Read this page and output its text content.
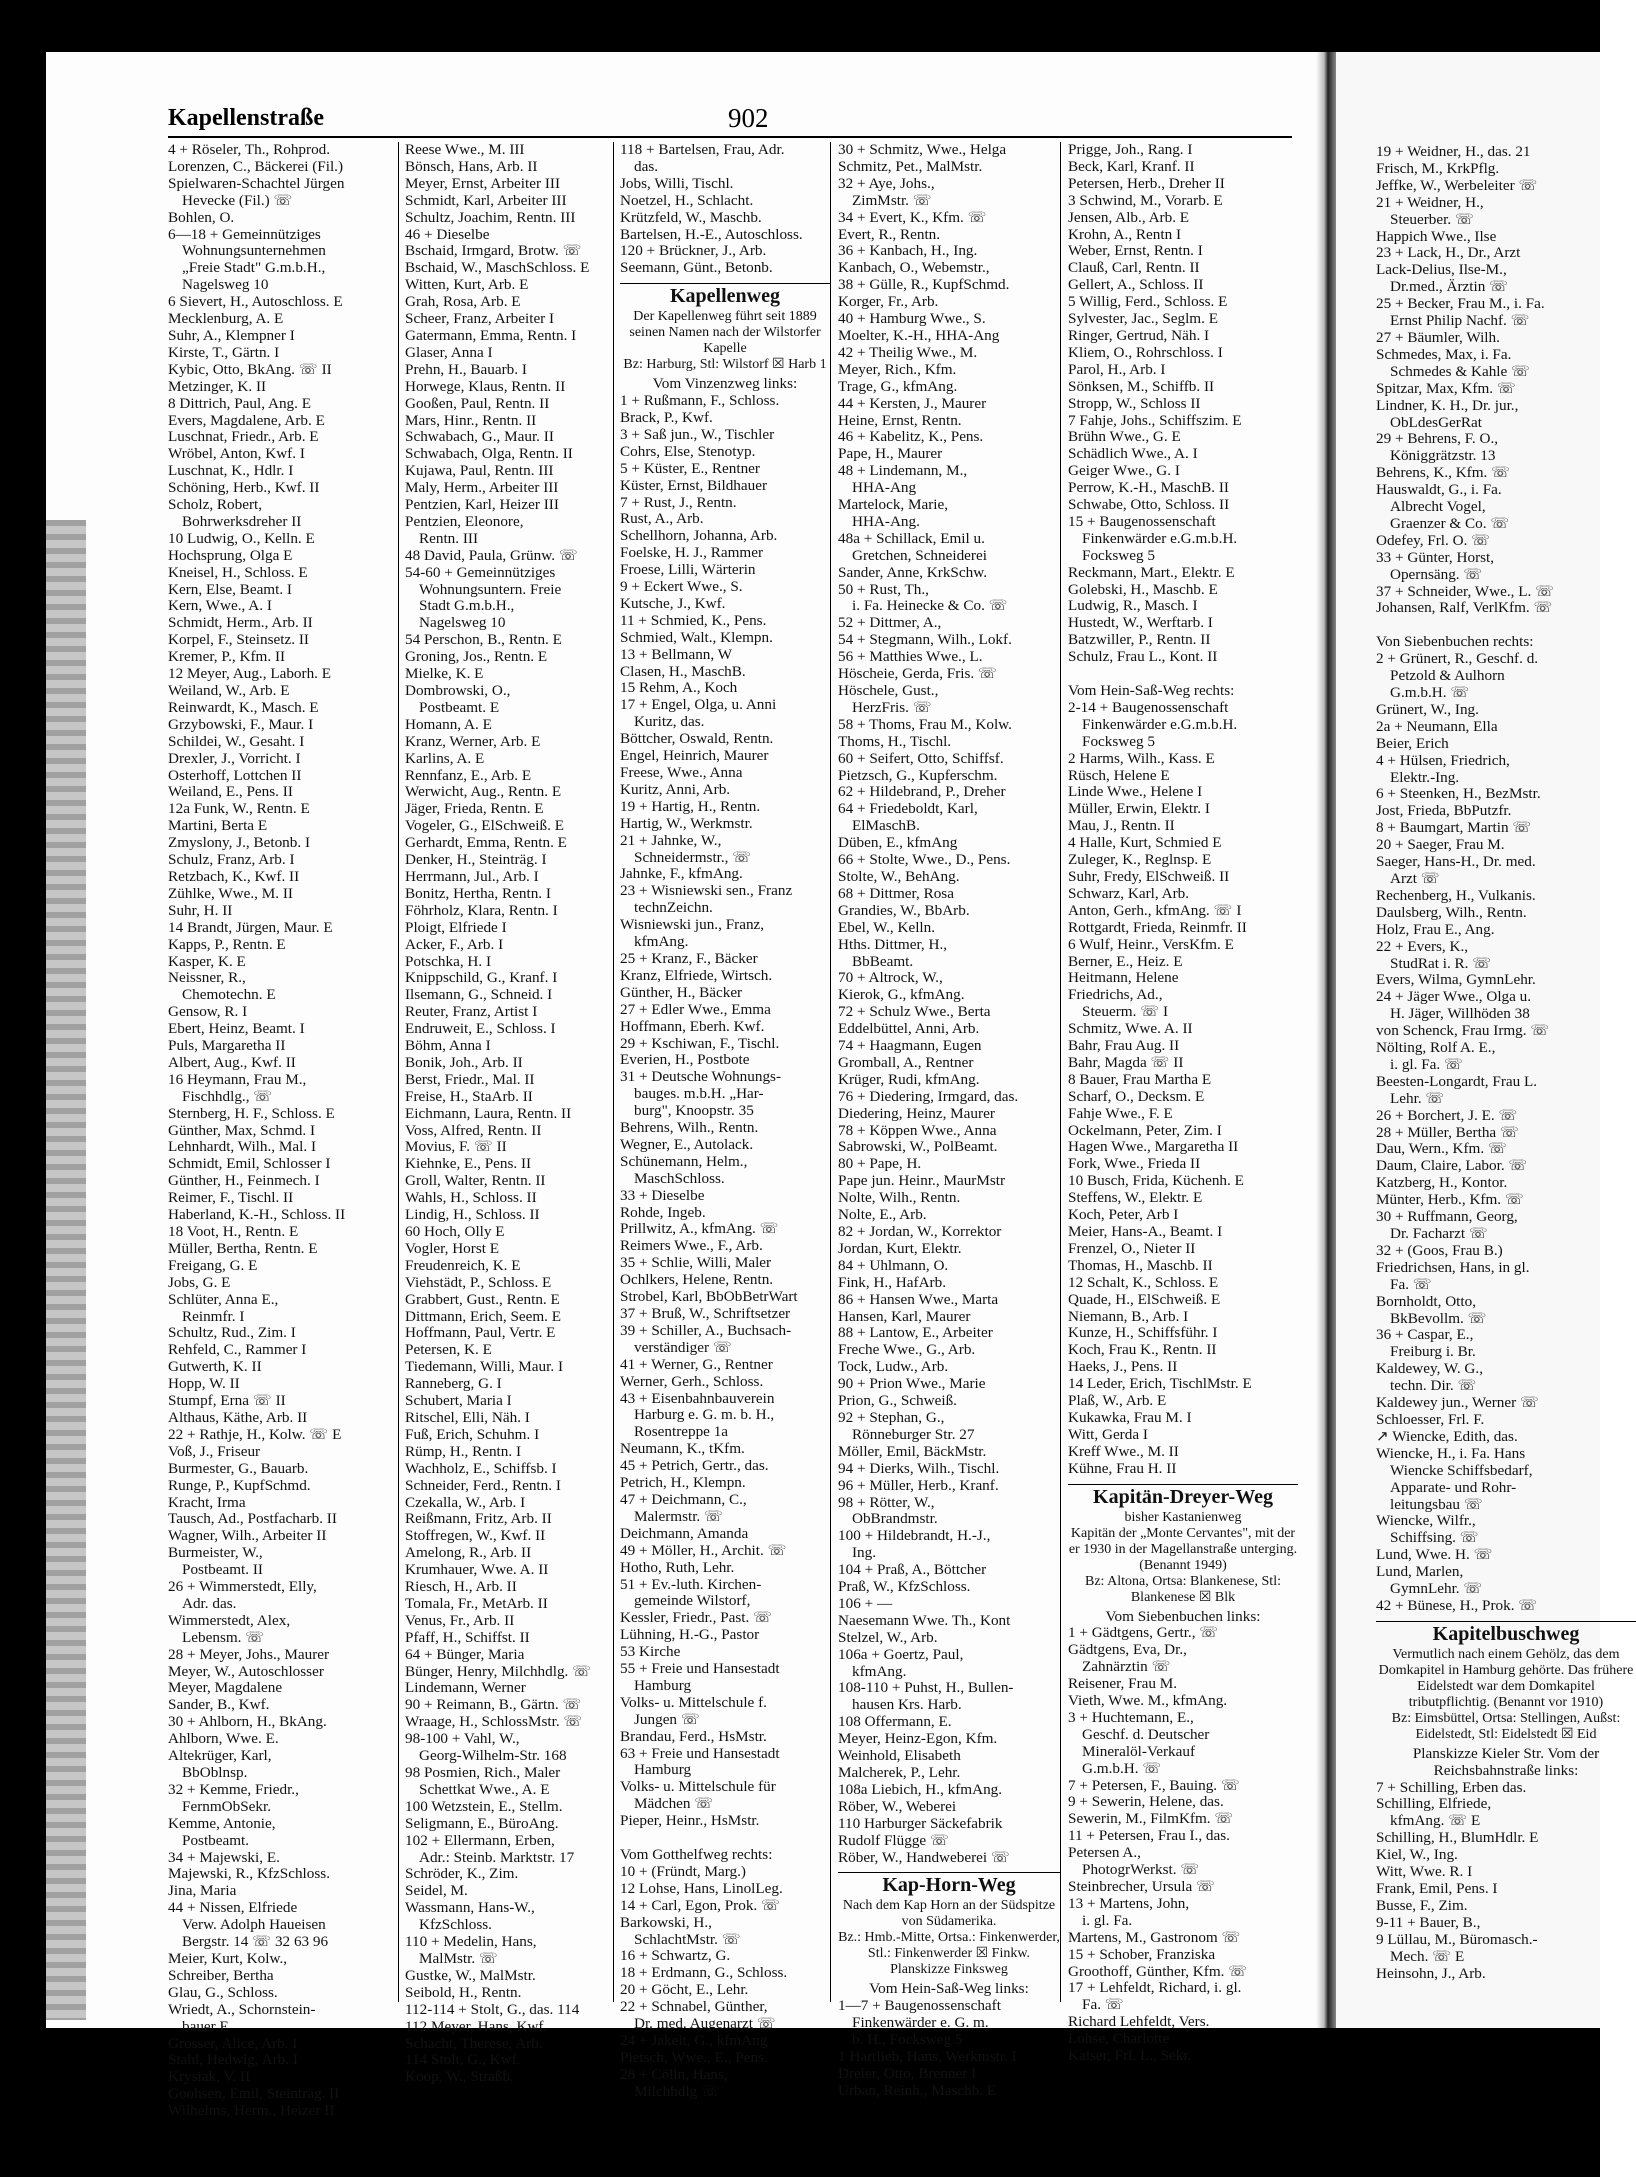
Kapellenstraße	902
4 + Röseler, Th., Rohprod.
Lorenzen, C., Bäckerei (Fil.)
Spielwaren-Schachtel Jürgen
Hevecke (Fil.) ☏
Bohlen, O.
6—18 + Gemeinnütziges
Wohnungsunternehmen
„Freie Stadt" G.m.b.H.,
Nagelsweg 10
6 Sievert, H., Autoschloss. E
Mecklenburg, A. E
Suhr, A., Klempner I
Kirste, T., Gärtn. I
Kybic, Otto, BkAng. ☏ II
Metzinger, K. II
8 Dittrich, Paul, Ang. E
Evers, Magdalene, Arb. E
Luschnat, Friedr., Arb. E
Wröbel, Anton, Kwf. I
Luschnat, K., Hdlr. I
Schöning, Herb., Kwf. II
Scholz, Robert,
Bohrwerksdreher II
10 Ludwig, O., Kelln. E
Hochsprung, Olga E
Kneisel, H., Schloss. E
Kern, Else, Beamt. I
Kern, Wwe., A. I
Schmidt, Herm., Arb. II
Korpel, F., Steinsetz. II
Kremer, P., Kfm. II
12 Meyer, Aug., Laborh. E
Weiland, W., Arb. E
Reinwardt, K., Masch. E
Grzybowski, F., Maur. I
Schildei, W., Gesaht. I
Drexler, J., Vorricht. I
Osterhoff, Lottchen II
Weiland, E., Pens. II
12a Funk, W., Rentn. E
Martini, Berta E
Zmyslony, J., Betonb. I
Schulz, Franz, Arb. I
Retzbach, K., Kwf. II
Zühlke, Wwe., M. II
Suhr, H. II
14 Brandt, Jürgen, Maur. E
Kapps, P., Rentn. E
Kasper, K. E
Neissner, R.,
Chemotechn. E
Gensow, R. I
Ebert, Heinz, Beamt. I
Puls, Margaretha II
Albert, Aug., Kwf. II
16 Heymann, Frau M.,
Fischhdlg., ☏
Sternberg, H. F., Schloss. E
Günther, Max, Schmd. I
Lehnhardt, Wilh., Mal. I
Schmidt, Emil, Schlosser I
Günther, H., Feinmech. I
Reimer, F., Tischl. II
Haberland, K.-H., Schloss. II
18 Voot, H., Rentn. E
Müller, Bertha, Rentn. E
Freigang, G. E
Jobs, G. E
Schlüter, Anna E.,
Reinmfr. I
Schultz, Rud., Zim. I
Rehfeld, C., Rammer I
Gutwerth, K. II
Hopp, W. II
Stumpf, Erna ☏ II
Althaus, Käthe, Arb. II
22 + Rathje, H., Kolw. ☏ E
Voß, J., Friseur
Burmester, G., Bauarb.
Runge, P., KupfSchmd.
Kracht, Irma
Tausch, Ad., Postfacharb. II
Wagner, Wilh., Arbeiter II
Burmeister, W.,
Postbeamt. II
26 + Wimmerstedt, Elly,
Adr. das.
Wimmerstedt, Alex,
Lebensm. ☏
28 + Meyer, Johs., Maurer
Meyer, W., Autoschlosser
Meyer, Magdalene
Sander, B., Kwf.
30 + Ahlborn, H., BkAng.
Ahlborn, Wwe. E.
Altekrüger, Karl,
BbOblnsp.
32 + Kemme, Friedr.,
FernmObSekr.
Kemme, Antonie,
Postbeamt.
34 + Majewski, E.
Majewski, R., KfzSchloss.
Jina, Maria
44 + Nissen, Elfriede
Verw. Adolph Haueisen
Bergstr. 14 ☏ 32 63 96
Meier, Kurt, Kolw.,
Schreiber, Bertha
Glau, G., Schloss.
Wriedt, A., Schornstein-
bauer E
Grosser, Alice, Arb. I
Stahl, Hedwig, Arb. I
Krysiak, V. II
Goohsen, Emil, Steinträg. II
Wilhelms, Herm., Heizer II
Reese Wwe., M. III
Bönsch, Hans, Arb. II
Meyer, Ernst, Arbeiter III
Schmidt, Karl, Arbeiter III
Schultz, Joachim, Rentn. III
46 + Dieselbe
Bschaid, Irmgard, Brotw. ☏
Bschaid, W., MaschSchloss. E
Witten, Kurt, Arb. E
Grah, Rosa, Arb. E
Scheer, Franz, Arbeiter I
Gatermann, Emma, Rentn. I
Glaser, Anna I
Prehn, H., Bauarb. I
Horwege, Klaus, Rentn. II
Gooßen, Paul, Rentn. II
Mars, Hinr., Rentn. II
Schwabach, G., Maur. II
Schwabach, Olga, Rentn. II
Kujawa, Paul, Rentn. III
Maly, Herm., Arbeiter III
Pentzien, Karl, Heizer III
Pentzien, Eleonore,
Rentn. III
48 David, Paula, Grünw. ☏
54-60 + Gemeinnütziges
Wohnungsuntern. Freie
Stadt G.m.b.H.,
Nagelsweg 10
54 Perschon, B., Rentn. E
Groning, Jos., Rentn. E
Mielke, K. E
Dombrowski, O.,
Postbeamt. E
Homann, A. E
Kranz, Werner, Arb. E
Karlins, A. E
Rennfanz, E., Arb. E
Werwicht, Aug., Rentn. E
Jäger, Frieda, Rentn. E
Vogeler, G., ElSchweiß. E
Gerhardt, Emma, Rentn. E
Denker, H., Steinträg. I
Herrmann, Jul., Arb. I
Bonitz, Hertha, Rentn. I
Föhrholz, Klara, Rentn. I
Ploigt, Elfriede I
Acker, F., Arb. I
Potschka, H. I
Knippschild, G., Kranf. I
Ilsemann, G., Schneid. I
Reuter, Franz, Artist I
Endruweit, E., Schloss. I
Böhm, Anna I
Bonik, Joh., Arb. II
Berst, Friedr., Mal. II
Freise, H., StaArb. II
Eichmann, Laura, Rentn. II
Voss, Alfred, Rentn. II
Movius, F. ☏ II
Kiehnke, E., Pens. II
Groll, Walter, Rentn. II
Wahls, H., Schloss. II
Lindig, H., Schloss. II
60 Hoch, Olly E
Vogler, Horst E
Freudenreich, K. E
Viehstädt, P., Schloss. E
Grabbert, Gust., Rentn. E
Dittmann, Erich, Seem. E
Hoffmann, Paul, Vertr. E
Petersen, K. E
Tiedemann, Willi, Maur. I
Ranneberg, G. I
Schubert, Maria I
Ritschel, Elli, Näh. I
Fuß, Erich, Schuhm. I
Rümp, H., Rentn. I
Wachholz, E., Schiffsb. I
Schneider, Ferd., Rentn. I
Czekalla, W., Arb. I
Reißmann, Fritz, Arb. II
Stoffregen, W., Kwf. II
Amelong, R., Arb. II
Krumhauer, Wwe. A. II
Riesch, H., Arb. II
Tomala, Fr., MetArb. II
Venus, Fr., Arb. II
Pfaff, H., Schiffst. II
64 + Bünger, Maria
Bünger, Henry, Milchhdlg. ☏
Lindemann, Werner
90 + Reimann, B., Gärtn. ☏
Wraage, H., SchlossMstr. ☏
98-100 + Vahl, W.,
Georg-Wilhelm-Str. 168
98 Posmien, Rich., Maler
Schettkat Wwe., A. E
100 Wetzstein, E., Stellm.
Seligmann, E., BüroAng.
102 + Ellermann, Erben,
Adr.: Steinb. Marktstr. 17
Schröder, K., Zim.
Seidel, M.
Wassmann, Hans-W.,
KfzSchloss.
110 + Medelin, Hans,
MalMstr. ☏
Gustke, W., MalMstr.
Seibold, H., Rentn.
112-114 + Stolt, G., das. 114
112 Meyer, Hans, Kwf.
Schacht, Therese, Arb.
114 Stolt, G., Kwf.
Koop, W., Straßb.
118 + Bartelsen, Frau, Adr.
das.
Jobs, Willi, Tischl.
Noetzel, H., Schlacht.
Krützfeld, W., Maschb.
Bartelsen, H.-E., Autoschloss.
120 + Brückner, J., Arb.
Seemann, Günt., Betonb.
Kapellenweg
Der Kapellenweg führt seit 1889 seinen Namen nach der Wilstorfer Kapelle
Bz: Harburg, Stl: Wilstorf ☒ Harb 1
Vom Vinzenzweg links:
1 + Rußmann, F., Schloss.
Brack, P., Kwf.
3 + Saß jun., W., Tischler
Cohrs, Else, Stenotyp.
5 + Küster, E., Rentner
Küster, Ernst, Bildhauer
7 + Rust, J., Rentn.
Rust, A., Arb.
Schellhorn, Johanna, Arb.
Foelske, H. J., Rammer
Froese, Lilli, Wärterin
9 + Eckert Wwe., S.
Kutsche, J., Kwf.
11 + Schmied, K., Pens.
Schmied, Walt., Klempn.
13 + Bellmann, W
Clasen, H., MaschB.
15 Rehm, A., Koch
17 + Engel, Olga, u. Anni
Kuritz, das.
Böttcher, Oswald, Rentn.
Engel, Heinrich, Maurer
Freese, Wwe., Anna
Kuritz, Anni, Arb.
19 + Hartig, H., Rentn.
Hartig, W., Werkmstr.
21 + Jahnke, W.,
Schneidermstr., ☏
Jahnke, F., kfmAng.
23 + Wisniewski sen., Franz
technZeichn.
Wisniewski jun., Franz,
kfmAng.
25 + Kranz, F., Bäcker
Kranz, Elfriede, Wirtsch.
Günther, H., Bäcker
27 + Edler Wwe., Emma
Hoffmann, Eberh. Kwf.
29 + Kschiwan, F., Tischl.
Everien, H., Postbote
31 + Deutsche Wohnungs-
bauges. m.b.H. „Har-
burg", Knoopstr. 35
Behrens, Wilh., Rentn.
Wegner, E., Autolack.
Schünemann, Helm.,
MaschSchloss.
33 + Dieselbe
Rohde, Ingeb.
Prillwitz, A., kfmAng. ☏
Reimers Wwe., F., Arb.
35 + Schlie, Willi, Maler
Ochlkers, Helene, Rentn.
Strobel, Karl, BbObBetrWart
37 + Bruß, W., Schriftsetzer
39 + Schiller, A., Buchsach-
verständiger ☏
41 + Werner, G., Rentner
Werner, Gerh., Schloss.
43 + Eisenbahnbauverein
Harburg e. G. m. b. H.,
Rosentreppe 1a
Neumann, K., tKfm.
45 + Petrich, Gertr., das.
Petrich, H., Klempn.
47 + Deichmann, C.,
Malermstr. ☏
Deichmann, Amanda
49 + Möller, H., Archit. ☏
Hotho, Ruth, Lehr.
51 + Ev.-luth. Kirchen-
gemeinde Wilstorf,
Kessler, Friedr., Past. ☏
Lühning, H.-G., Pastor
53 Kirche
55 + Freie und Hansestadt
Hamburg
Volks- u. Mittelschule f.
Jungen ☏
Brandau, Ferd., HsMstr.
63 + Freie und Hansestadt
Hamburg
Volks- u. Mittelschule für
Mädchen ☏
Pieper, Heinr., HsMstr.

Vom Gotthelfweg rechts:
10 + (Fründt, Marg.)
12 Lohse, Hans, LinolLeg.
14 + Carl, Egon, Prok. ☏
Barkowski, H.,
SchlachtMstr. ☏
16 + Schwartz, G.
18 + Erdmann, G., Schloss.
20 + Göcht, E., Lehr.
22 + Schnabel, Günther,
Dr. med. Augenarzt ☏
24 + Jakeit, G., kfmAng
Pietsch, Wwe., E., Pens.
28 + Cölln, Hans,
Milchhdlg ☏
30 + Schmitz, Wwe., Helga
Schmitz, Pet., MalMstr.
32 + Aye, Johs.,
ZimMstr. ☏
34 + Evert, K., Kfm. ☏
Evert, R., Rentn.
36 + Kanbach, H., Ing.
Kanbach, O., Webemstr.,
38 + Gülle, R., KupfSchmd.
Korger, Fr., Arb.
40 + Hamburg Wwe., S.
Moelter, K.-H., HHA-Ang
42 + Theilig Wwe., M.
Meyer, Rich., Kfm.
Trage, G., kfmAng.
44 + Kersten, J., Maurer
Heine, Ernst, Rentn.
46 + Kabelitz, K., Pens.
Pape, H., Maurer
48 + Lindemann, M.,
HHA-Ang
Martelock, Marie,
HHA-Ang.
48a + Schillack, Emil u.
Gretchen, Schneiderei
Sander, Anne, KrkSchw.
50 + Rust, Th.,
i. Fa. Heinecke & Co. ☏
52 + Dittmer, A.,
54 + Stegmann, Wilh., Lokf.
56 + Matthies Wwe., L.
Höscheie, Gerda, Fris. ☏
Höschele, Gust.,
HerzFris. ☏
58 + Thoms, Frau M., Kolw.
Thoms, H., Tischl.
60 + Seifert, Otto, Schiffsf.
Pietzsch, G., Kupferschm.
62 + Hildebrand, P., Dreher
64 + Friedeboldt, Karl,
ElMaschB.
Düben, E., kfmAng
66 + Stolte, Wwe., D., Pens.
Stolte, W., BehAng.
68 + Dittmer, Rosa
Grandies, W., BbArb.
Ebel, W., Kelln.
Hths. Dittmer, H.,
BbBeamt.
70 + Altrock, W.,
Kierok, G., kfmAng.
72 + Schulz Wwe., Berta
Eddelbüttel, Anni, Arb.
74 + Haagmann, Eugen
Gromball, A., Rentner
Krüger, Rudi, kfmAng.
76 + Diedering, Irmgard, das.
Diedering, Heinz, Maurer
78 + Köppen Wwe., Anna
Sabrowski, W., PolBeamt.
80 + Pape, H.
Pape jun. Heinr., MaurMstr
Nolte, Wilh., Rentn.
Nolte, E., Arb.
82 + Jordan, W., Korrektor
Jordan, Kurt, Elektr.
84 + Uhlmann, O.
Fink, H., HafArb.
86 + Hansen Wwe., Marta
Hansen, Karl, Maurer
88 + Lantow, E., Arbeiter
Freche Wwe., G., Arb.
Tock, Ludw., Arb.
90 + Prion Wwe., Marie
Prion, G., Schweiß.
92 + Stephan, G.,
Rönneburger Str. 27
Möller, Emil, BäckMstr.
94 + Dierks, Wilh., Tischl.
96 + Müller, Herb., Kranf.
98 + Rötter, W.,
ObBrandmstr.
100 + Hildebrandt, H.-J.,
Ing.
104 + Praß, A., Böttcher
Praß, W., KfzSchloss.
106 + —
Naesemann Wwe. Th., Kont
Stelzel, W., Arb.
106a + Goertz, Paul,
kfmAng.
108-110 + Puhst, H., Bullen-
hausen Krs. Harb.
108 Offermann, E.
Meyer, Heinz-Egon, Kfm.
Weinhold, Elisabeth
Malcherek, P., Lehr.
108a Liebich, H., kfmAng.
Röber, W., Weberei
110 Harburger Säckefabrik
Rudolf Flügge ☏
Röber, W., Handweberei ☏
Kap-Horn-Weg
Nach dem Kap Horn an der Südspitze von Südamerika.
Bz.: Hmb.-Mitte, Ortsa.: Finkenwerder, Stl.: Finkenwerder ☒ Finkw. Planskizze Finksweg
Vom Hein-Saß-Weg links:
1—7 + Baugenossenschaft
Finkenwärder e. G. m.
b. H., Focksweg 5
1 Hartlieb, Hans, Werkmstr. I
Dreier, Otto, Brenner I
Urban, Reinh., Maschb. E
Prigge, Joh., Rang. I
Beck, Karl, Kranf. II
Petersen, Herb., Dreher II
3 Schwind, M., Vorarb. E
Jensen, Alb., Arb. E
Krohn, A., Rentn I
Weber, Ernst, Rentn. I
Clauß, Carl, Rentn. II
Gellert, A., Schloss. II
5 Willig, Ferd., Schloss. E
Sylvester, Jac., Seglm. E
Ringer, Gertrud, Näh. I
Kliem, O., Rohrschloss. I
Parol, H., Arb. I
Sönksen, M., Schiffb. II
Stropp, W., Schloss II
7 Fahje, Johs., Schiffszim. E
Brühn Wwe., G. E
Schädlich Wwe., A. I
Geiger Wwe., G. I
Perrow, K.-H., MaschB. II
Schwabe, Otto, Schloss. II
15 + Baugenossenschaft
Finkenwärder e.G.m.b.H.
Focksweg 5
Reckmann, Mart., Elektr. E
Golebski, H., Maschb. E
Ludwig, R., Masch. I
Hustedt, W., Werftarb. I
Batzwiller, P., Rentn. II
Schulz, Frau L., Kont. II

Vom Hein-Saß-Weg rechts:
2-14 + Baugenossenschaft
Finkenwärder e.G.m.b.H.
Focksweg 5
2 Harms, Wilh., Kass. E
Rüsch, Helene E
Linde Wwe., Helene I
Müller, Erwin, Elektr. I
Mau, J., Rentn. II
4 Halle, Kurt, Schmied E
Zuleger, K., Reglnsp. E
Suhr, Fredy, ElSchweiß. II
Schwarz, Karl, Arb.
Anton, Gerh., kfmAng. ☏ I
Rottgardt, Frieda, Reinmfr. II
6 Wulf, Heinr., VersKfm. E
Berner, E., Heiz. E
Heitmann, Helene
Friedrichs, Ad.,
Steuerm. ☏ I
Schmitz, Wwe. A. II
Bahr, Frau Aug. II
Bahr, Magda ☏ II
8 Bauer, Frau Martha E
Scharf, O., Decksm. E
Fahje Wwe., F. E
Ockelmann, Peter, Zim. I
Hagen Wwe., Margaretha II
Fork, Wwe., Frieda II
10 Busch, Frida, Küchenh. E
Steffens, W., Elektr. E
Koch, Peter, Arb I
Meier, Hans-A., Beamt. I
Frenzel, O., Nieter II
Thomas, H., Maschb. II
12 Schalt, K., Schloss. E
Quade, H., ElSchweiß. E
Niemann, B., Arb. I
Kunze, H., Schiffsführ. I
Koch, Frau K., Rentn. II
Haeks, J., Pens. II
14 Leder, Erich, TischlMstr. E
Plaß, W., Arb. E
Kukawka, Frau M. I
Witt, Gerda I
Kreff Wwe., M. II
Kühne, Frau H. II
Kapitän-Dreyer-Weg
bisher Kastanienweg
Kapitän der „Monte Cervantes", mit der er 1930 in der Magellanstraße unterging. (Benannt 1949)
Bz: Altona, Ortsa: Blankenese, Stl: Blankenese ☒ Blk
Vom Siebenbuchen links:
1 + Gädtgens, Gertr., ☏
Gädtgens, Eva, Dr.,
Zahnärztin ☏
Reisener, Frau M.
Vieth, Wwe. M., kfmAng.
3 + Huchtemann, E.,
Geschf. d. Deutscher
Mineralöl-Verkauf
G.m.b.H. ☏
7 + Petersen, F., Bauing. ☏
9 + Sewerin, Helene, das.
Sewerin, M., FilmKfm. ☏
11 + Petersen, Frau I., das.
Petersen A.,
PhotogrWerkst. ☏
Steinbrecher, Ursula ☏
13 + Martens, John,
i. gl. Fa.
Martens, M., Gastronom ☏
15 + Schober, Franziska
Groothoff, Günther, Kfm. ☏
17 + Lehfeldt, Richard, i. gl.
Fa. ☏
Richard Lehfeldt, Vers.
Lohse, Charlotte
Kaiser, Frl. L., Sekr.
19 + Weidner, H., das. 21
Frisch, M., KrkPflg.
Jeffke, W., Werbeleiter ☏
21 + Weidner, H.,
Steuerber. ☏
Happich Wwe., Ilse
23 + Lack, H., Dr., Arzt
Lack-Delius, Ilse-M.,
Dr.med., Ärztin ☏
25 + Becker, Frau M., i. Fa.
Ernst Philip Nachf. ☏
27 + Bäumler, Wilh.
Schmedes, Max, i. Fa.
Schmedes & Kahle ☏
Spitzar, Max, Kfm. ☏
Lindner, K. H., Dr. jur.,
ObLdesGerRat
29 + Behrens, F. O.,
Königgrätzstr. 13
Behrens, K., Kfm. ☏
Hauswaldt, G., i. Fa.
Albrecht Vogel,
Graenzer & Co. ☏
Odefey, Frl. O. ☏
33 + Günter, Horst,
Opernsäng. ☏
37 + Schneider, Wwe., L. ☏
Johansen, Ralf, VerlKfm. ☏

Von Siebenbuchen rechts:
2 + Grünert, R., Geschf. d.
Petzold & Aulhorn
G.m.b.H. ☏
Grünert, W., Ing.
2a + Neumann, Ella
Beier, Erich
4 + Hülsen, Friedrich,
Elektr.-Ing.
6 + Steenken, H., BezMstr.
Jost, Frieda, BbPutzfr.
8 + Baumgart, Martin ☏
20 + Saeger, Frau M.
Saeger, Hans-H., Dr. med.
Arzt ☏
Rechenberg, H., Vulkanis.
Daulsberg, Wilh., Rentn.
Holz, Frau E., Ang.
22 + Evers, K.,
StudRat i. R. ☏
Evers, Wilma, GymnLehr.
24 + Jäger Wwe., Olga u.
H. Jäger, Willhöden 38
von Schenck, Frau Irmg. ☏
Nölting, Rolf A. E.,
i. gl. Fa. ☏
Beesten-Longardt, Frau L.
Lehr. ☏
26 + Borchert, J. E. ☏
28 + Müller, Bertha ☏
Dau, Wern., Kfm. ☏
Daum, Claire, Labor. ☏
Katzberg, H., Kontor.
Münter, Herb., Kfm. ☏
30 + Ruffmann, Georg,
Dr. Facharzt ☏
32 + (Goos, Frau B.)
Friedrichsen, Hans, in gl.
Fa. ☏
Bornholdt, Otto,
BkBevollm. ☏
36 + Caspar, E.,
Freiburg i. Br.
Kaldewey, W. G.,
techn. Dir. ☏
Kaldewey jun., Werner ☏
Schloesser, Frl. F.
↗ Wiencke, Edith, das.
Wiencke, H., i. Fa. Hans
Wiencke Schiffsbedarf,
Apparate- und Rohr-
leitungsbau ☏
Wiencke, Wilfr.,
Schiffsing. ☏
Lund, Wwe. H. ☏
Lund, Marlen,
GymnLehr. ☏
42 + Bünese, H., Prok. ☏
Kapitelbuschweg
Vermutlich nach einem Gehölz, das dem Domkapitel in Hamburg gehörte. Das frühere Eidelstedt war dem Domkapitel tributpflichtig. (Benannt vor 1910)
Bz: Eimsbüttel, Ortsa: Stellingen, Außst: Eidelstedt, Stl: Eidelstedt ☒ Eid
Planskizze Kieler Str. Vom der Reichsbahnstraße links:
7 + Schilling, Erben das.
Schilling, Elfriede,
kfmAng. ☏ E
Schilling, H., BlumHdlr. E
Kiel, W., Ing.
Witt, Wwe. R. I
Frank, Emil, Pens. I
Busse, F., Zim.
9-11 + Bauer, B.,
9 Lüllau, M., Büromasch.-
Mech. ☏ E
Heinsohn, J., Arb.
